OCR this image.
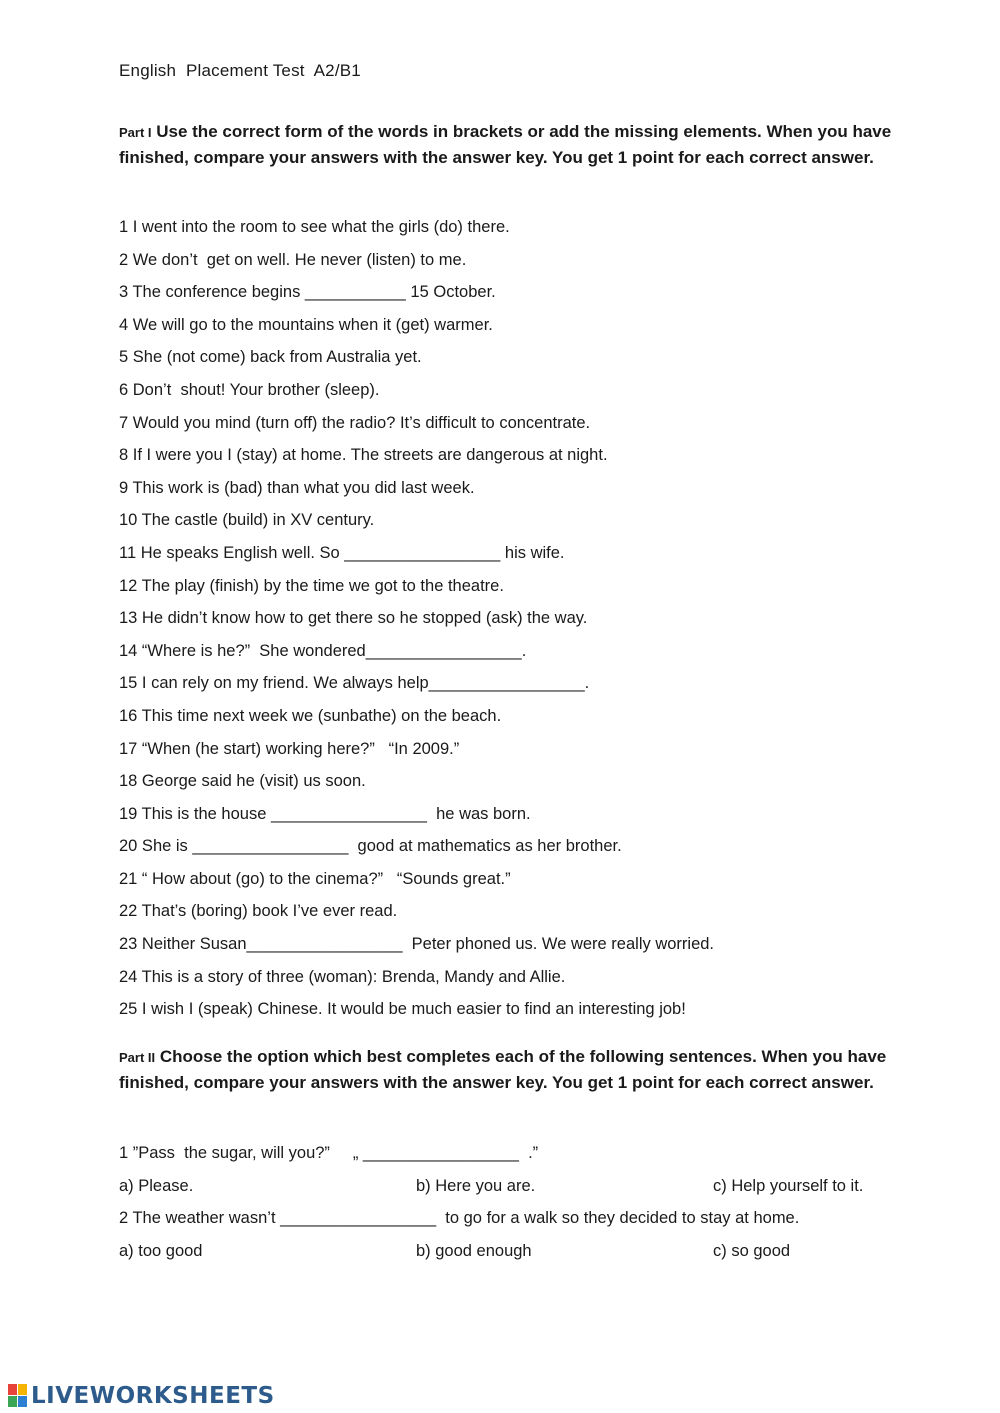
English  Placement Test  A2/B1
Part I Use the correct form of the words in brackets or add the missing elements. When you have finished, compare your answers with the answer key. You get 1 point for each correct answer.
1 I went into the room to see what the girls (do) there.
2 We don’t  get on well. He never (listen) to me.
3 The conference begins ___________ 15 October.
4 We will go to the mountains when it (get) warmer.
5 She (not come) back from Australia yet.
6 Don’t  shout! Your brother (sleep).
7 Would you mind (turn off) the radio? It’s difficult to concentrate.
8 If I were you I (stay) at home. The streets are dangerous at night.
9 This work is (bad) than what you did last week.
10 The castle (build) in XV century.
11 He speaks English well. So _________________ his wife.
12 The play (finish) by the time we got to the theatre.
13 He didn’t know how to get there so he stopped (ask) the way.
14 “Where is he?”  She wondered_________________.
15 I can rely on my friend. We always help_________________.
16 This time next week we (sunbathe) on the beach.
17 “When (he start) working here?”   “In 2009.”
18 George said he (visit) us soon.
19 This is the house _________________  he was born.
20 She is _________________  good at mathematics as her brother.
21 “ How about (go) to the cinema?”   “Sounds great.”
22 That’s (boring) book I’ve ever read.
23 Neither Susan_________________  Peter phoned us. We were really worried.
24 This is a story of three (woman): Brenda, Mandy and Allie.
25 I wish I (speak) Chinese. It would be much easier to find an interesting job!
Part II Choose the option which best completes each of the following sentences. When you have finished, compare your answers with the answer key. You get 1 point for each correct answer.
1 ”Pass  the sugar, will you?”     „ _________________  .”
a) Please.	b) Here you are.	c) Help yourself to it.
2 The weather wasn’t _________________  to go for a walk so they decided to stay at home.
a) too good	b) good enough	c) so good
LIVEWORKSHEETS
